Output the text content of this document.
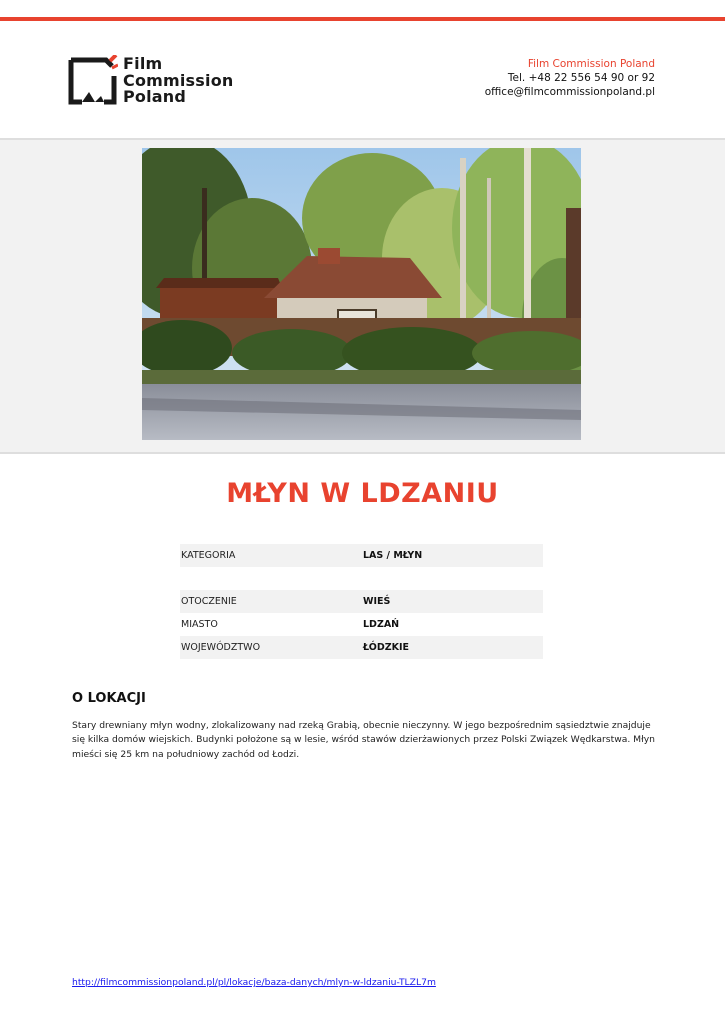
Film
Commission
Poland
Film Commission Poland
Tel. +48 22 556 54 90 or 92
office@filmcommissionpoland.pl
MŁYN W LDZANIU
KATEGORIA	LAS / MŁYN
OTOCZENIE	WIEŚ
MIASTO	LDZAŃ
WOJEWÓDZTWO	ŁÓDZKIE
O LOKACJI
Stary drewniany młyn wodny, zlokalizowany nad rzeką Grabią, obecnie nieczynny. W jego bezpośrednim sąsiedztwie znajduje się kilka domów wiejskich. Budynki położone są w lesie, wśród stawów dzierżawionych przez Polski Związek Wędkarstwa. Młyn mieści się 25 km na południowy zachód od Łodzi.
http://filmcommissionpoland.pl/pl/lokacje/baza-danych/mlyn-w-ldzaniu-TLZL7m
